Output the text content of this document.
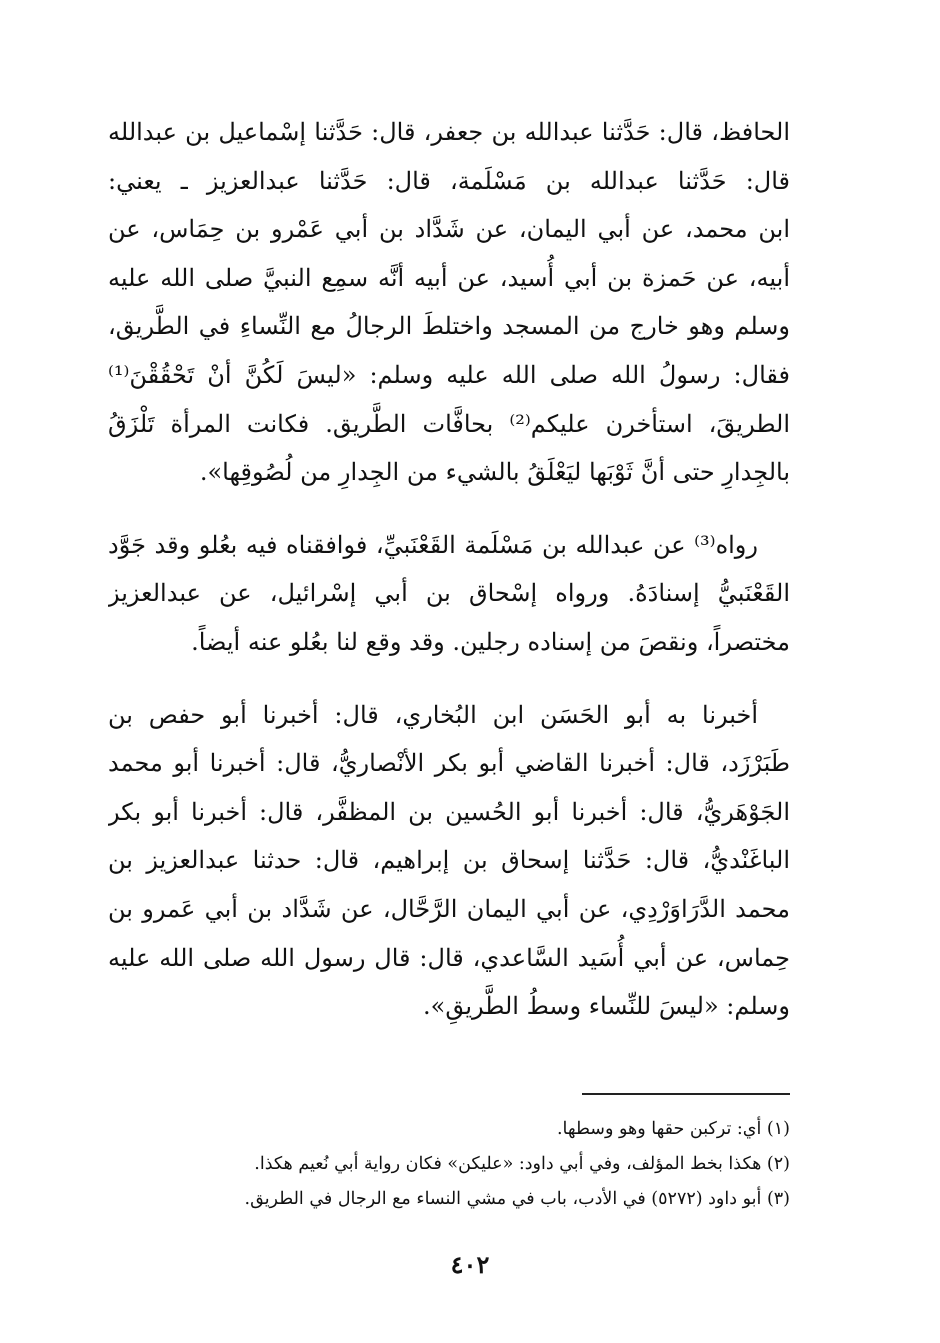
الحافظ، قال: حَدَّثنا عبدالله بن جعفر، قال: حَدَّثنا إسْماعيل بن عبدالله
قال: حَدَّثنا عبدالله بن مَسْلَمة، قال: حَدَّثنا عبدالعزيز ـ يعني:
ابن محمد، عن أبي اليمان، عن شَدَّاد بن أبي عَمْرو بن حِمَاس، عن
أبيه، عن حَمزة بن أبي أُسيد، عن أبيه أنَّه سمِع النبيَّ صلى الله عليه
وسلم وهو خارج من المسجد واختلطَ الرجالُ مع النِّساءِ في الطَّريق،
فقال: رسولُ الله صلى الله عليه وسلم: «ليسَ لَكُنَّ أنْ تَحْقُقْنَ⁽¹⁾
الطريقَ، استأخرن عليكم⁽²⁾ بحافَّات الطَّريق. فكانت المرأة تَلْزَقُ
بالجِدارِ حتى أنَّ ثَوْبَها ليَعْلَقُ بالشيء من الجِدارِ من لُصُوقِها».
رواه⁽³⁾ عن عبدالله بن مَسْلَمة القَعْنَبيِّ، فوافقناه فيه بعُلو وقد جَوَّد
القَعْنَبيُّ إسنادَهُ. ورواه إسْحاق بن أبي إسْرائيل، عن عبدالعزيز
مختصراً، ونقصَ من إسناده رجلين. وقد وقع لنا بعُلو عنه أيضاً.
أخبرنا به أبو الحَسَن ابن البُخاري، قال: أخبرنا أبو حفص بن
طَبَرْزَد، قال: أخبرنا القاضي أبو بكر الأنْصاريُّ، قال: أخبرنا أبو محمد
الجَوْهَريُّ، قال: أخبرنا أبو الحُسين بن المظفَّر، قال: أخبرنا أبو بكر
الباغَنْديُّ، قال: حَدَّثنا إسحاق بن إبراهيم، قال: حدثنا عبدالعزيز بن
محمد الدَّرَاوَرْدِي، عن أبي اليمان الرَّحَّال، عن شَدَّاد بن أبي عَمرو بن
حِماس، عن أبي أُسَيد السَّاعدي، قال: قال رسول الله صلى الله عليه
وسلم: «ليسَ للنِّساء وسطُ الطَّريقِ».
(١) أي: تركبن حقها وهو وسطها.
(٢) هكذا بخط المؤلف، وفي أبي داود: «عليكن» فكان رواية أبي نُعيم هكذا.
(٣) أبو داود (٥٢٧٢) في الأدب، باب في مشي النساء مع الرجال في الطريق.
٤٠٢
